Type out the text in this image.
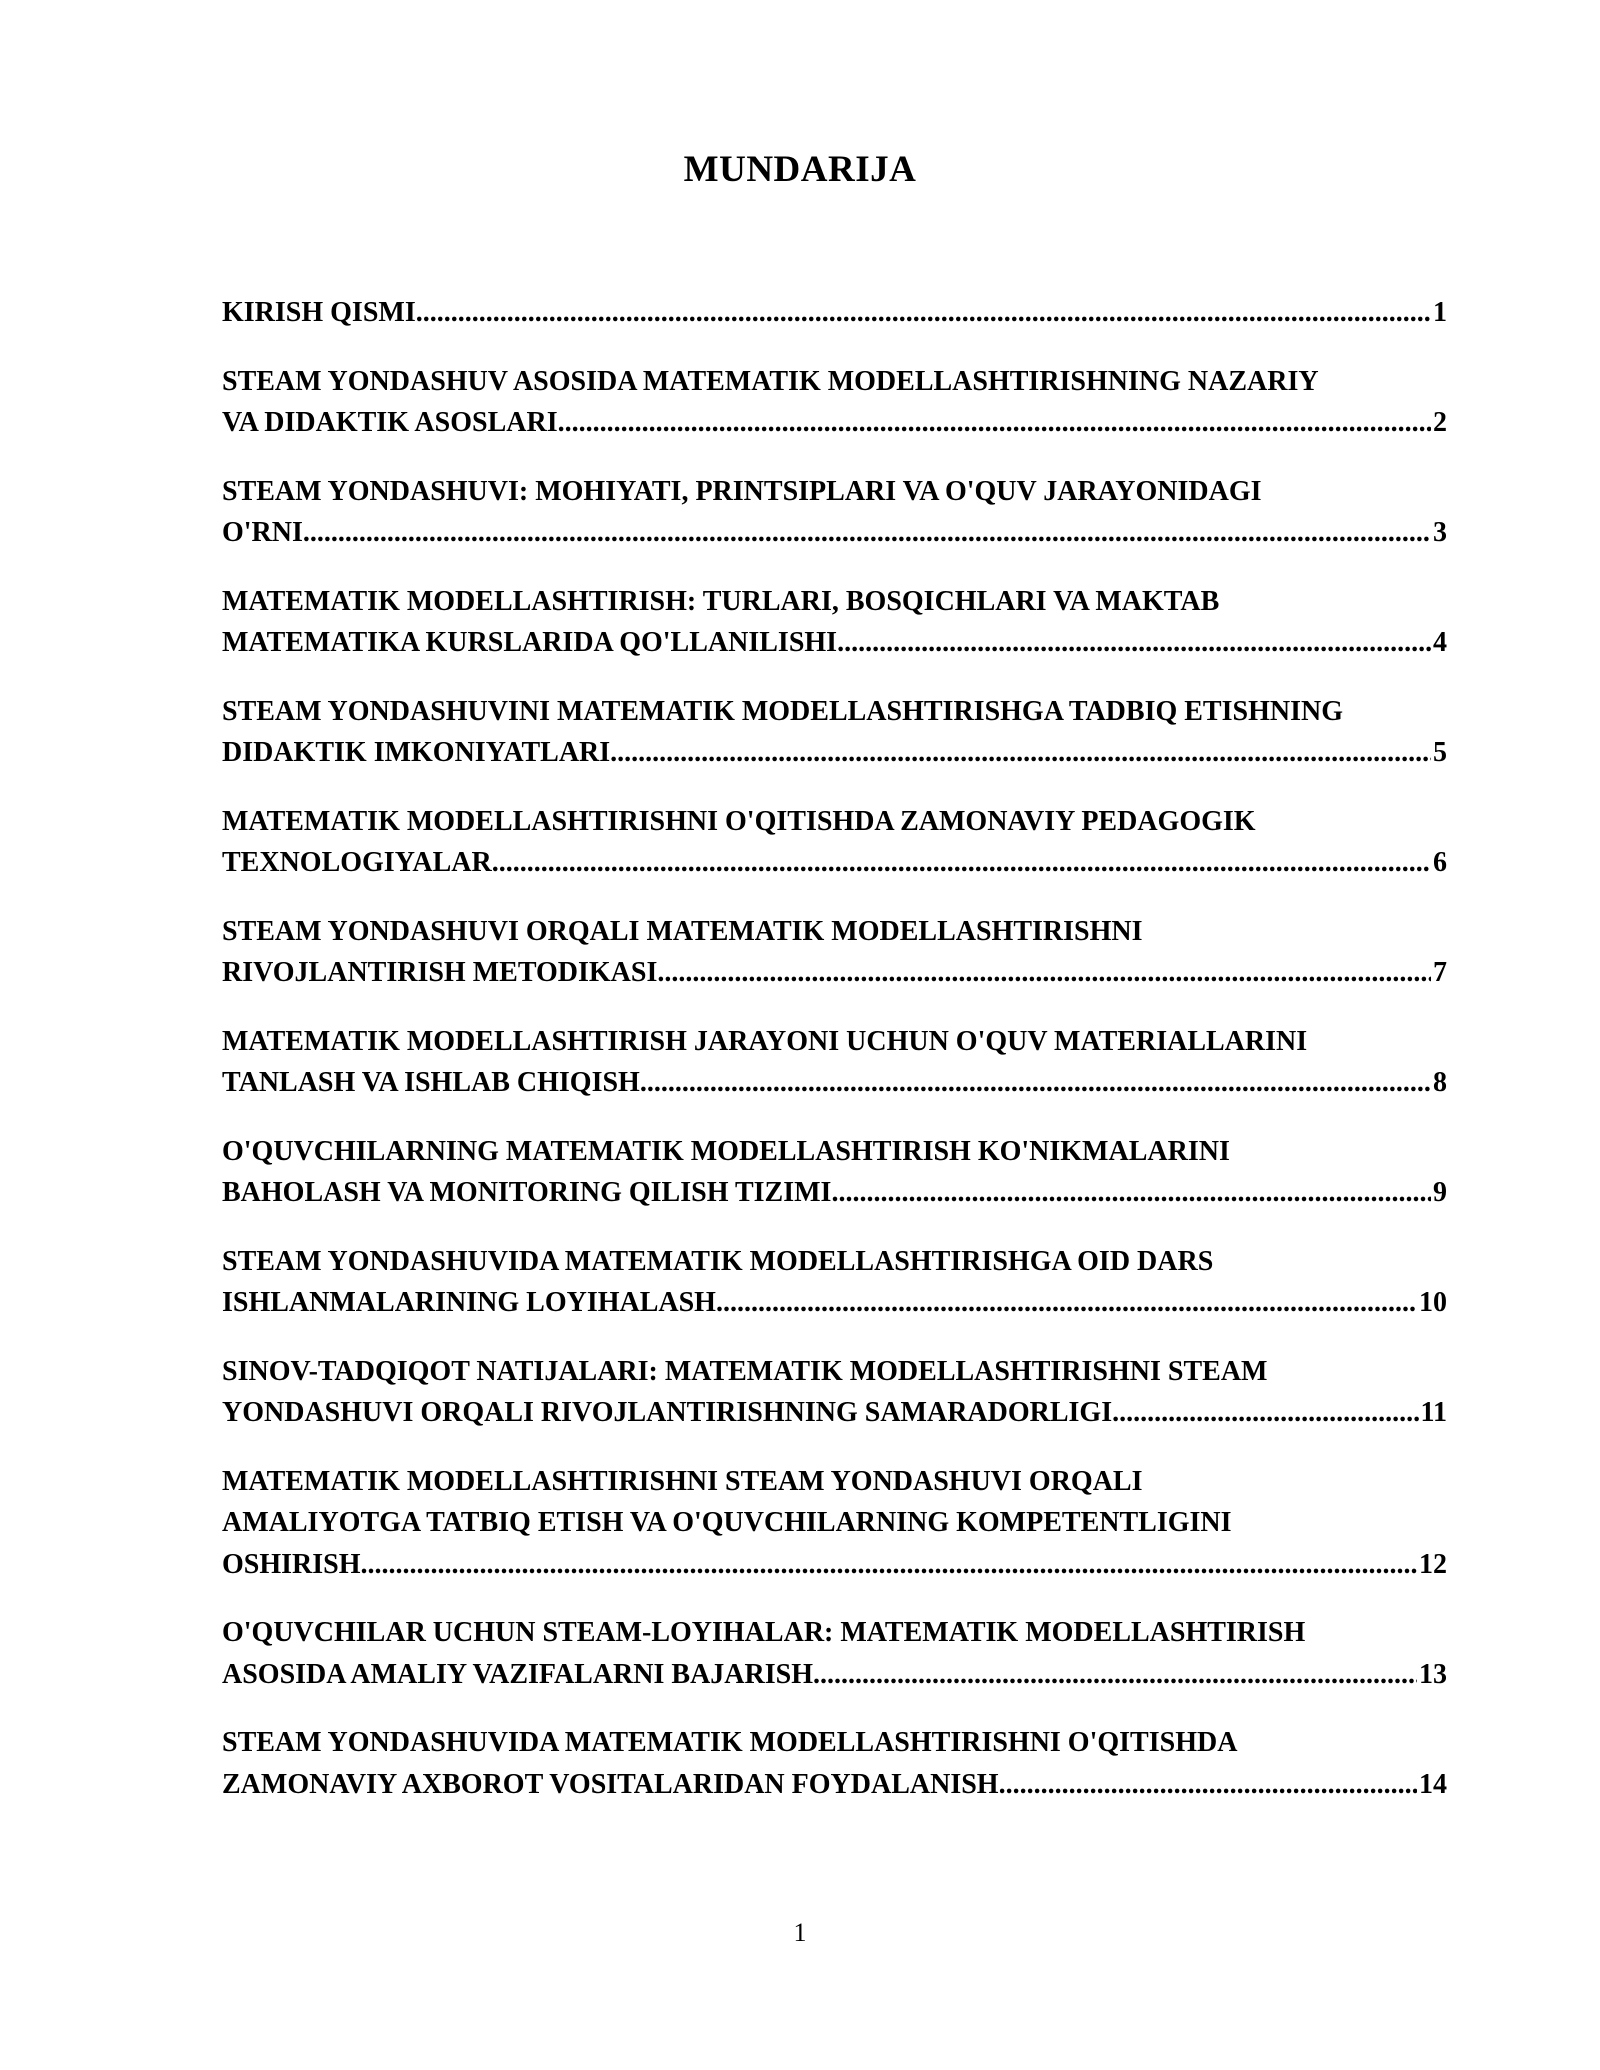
MUNDARIJA
KIRISH QISMI .....	1
STEAM YONDASHUV ASOSIDA MATEMATIK MODELLASHTIRISHNING NAZARIY
VA DIDAKTIK ASOSLARI .....	2
STEAM YONDASHUVI: MOHIYATI, PRINTSIPLARI VA O'QUV JARAYONIDAGI
O'RNI .....	3
MATEMATIK MODELLASHTIRISH: TURLARI, BOSQICHLARI VA MAKTAB
MATEMATIKA KURSLARIDA QO'LLANILISHI .....	4
STEAM YONDASHUVINI MATEMATIK MODELLASHTIRISHGA TADBIQ ETISHNING
DIDAKTIK IMKONIYATLARI .....	5
MATEMATIK MODELLASHTIRISHNI O'QITISHDA ZAMONAVIY PEDAGOGIK
TEXNOLOGIYALAR .....	6
STEAM YONDASHUVI ORQALI MATEMATIK MODELLASHTIRISHNI
RIVOJLANTIRISH METODIKASI .....	7
MATEMATIK MODELLASHTIRISH JARAYONI UCHUN O'QUV MATERIALLARINI
TANLASH VA ISHLAB CHIQISH .....	8
O'QUVCHILARNING MATEMATIK MODELLASHTIRISH KO'NIKMALARINI
BAHOLASH VA MONITORING QILISH TIZIMI .....	9
STEAM YONDASHUVIDA MATEMATIK MODELLASHTIRISHGA OID DARS
ISHLANMALARINING LOYIHALASH .....	10
SINOV-TADQIQOT NATIJALARI: MATEMATIK MODELLASHTIRISHNI STEAM
YONDASHUVI ORQALI RIVOJLANTIRISHNING SAMARADORLIGI .....	11
MATEMATIK MODELLASHTIRISHNI STEAM YONDASHUVI ORQALI
AMALIYOTGA TATBIQ ETISH VA O'QUVCHILARNING KOMPETENTLIGINI
OSHIRISH .....	12
O'QUVCHILAR UCHUN STEAM-LOYIHALAR: MATEMATIK MODELLASHTIRISH
ASOSIDA AMALIY VAZIFALARNI BAJARISH .....	13
STEAM YONDASHUVIDA MATEMATIK MODELLASHTIRISHNI O'QITISHDA
ZAMONAVIY AXBOROT VOSITALARIDAN FOYDALANISH .....	14
1
